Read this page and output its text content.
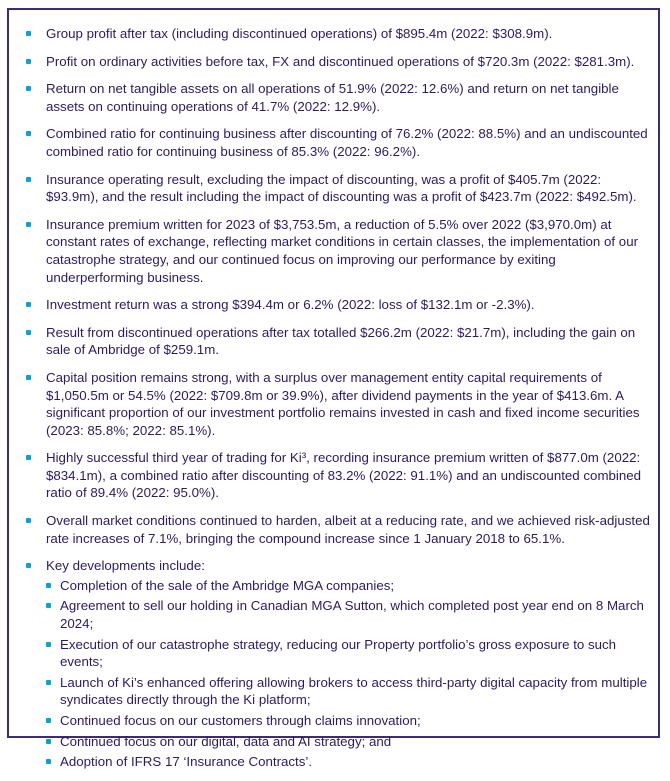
Group profit after tax (including discontinued operations) of $895.4m (2022: $308.9m).
Profit on ordinary activities before tax, FX and discontinued operations of $720.3m (2022: $281.3m).
Return on net tangible assets on all operations of 51.9% (2022: 12.6%) and return on net tangible assets on continuing operations of 41.7% (2022: 12.9%).
Combined ratio for continuing business after discounting of 76.2% (2022: 88.5%) and an undiscounted combined ratio for continuing business of 85.3% (2022: 96.2%).
Insurance operating result, excluding the impact of discounting, was a profit of $405.7m (2022: $93.9m), and the result including the impact of discounting was a profit of $423.7m (2022: $492.5m).
Insurance premium written for 2023 of $3,753.5m, a reduction of 5.5% over 2022 ($3,970.0m) at constant rates of exchange, reflecting market conditions in certain classes, the implementation of our catastrophe strategy, and our continued focus on improving our performance by exiting underperforming business.
Investment return was a strong $394.4m or 6.2% (2022: loss of $132.1m or -2.3%).
Result from discontinued operations after tax totalled $266.2m (2022: $21.7m), including the gain on sale of Ambridge of $259.1m.
Capital position remains strong, with a surplus over management entity capital requirements of $1,050.5m or 54.5% (2022: $709.8m or 39.9%), after dividend payments in the year of $413.6m. A significant proportion of our investment portfolio remains invested in cash and fixed income securities (2023: 85.8%; 2022: 85.1%).
Highly successful third year of trading for Ki³, recording insurance premium written of $877.0m (2022: $834.1m), a combined ratio after discounting of 83.2% (2022: 91.1%) and an undiscounted combined ratio of 89.4% (2022: 95.0%).
Overall market conditions continued to harden, albeit at a reducing rate, and we achieved risk-adjusted rate increases of 7.1%, bringing the compound increase since 1 January 2018 to 65.1%.
Key developments include:
Completion of the sale of the Ambridge MGA companies;
Agreement to sell our holding in Canadian MGA Sutton, which completed post year end on 8 March 2024;
Execution of our catastrophe strategy, reducing our Property portfolio’s gross exposure to such events;
Launch of Ki’s enhanced offering allowing brokers to access third-party digital capacity from multiple syndicates directly through the Ki platform;
Continued focus on our customers through claims innovation;
Continued focus on our digital, data and AI strategy; and
Adoption of IFRS 17 ‘Insurance Contracts’.
